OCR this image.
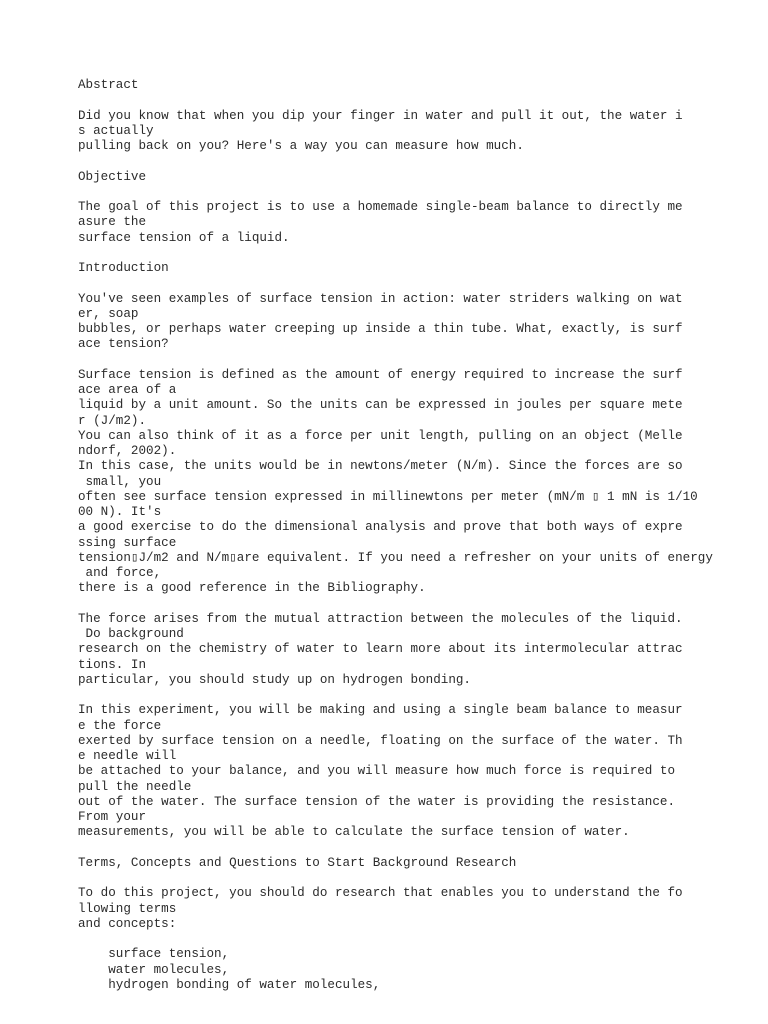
Abstract
Did you know that when you dip your finger in water and pull it out, the water i
s actually
pulling back on you? Here's a way you can measure how much.
Objective
The goal of this project is to use a homemade single-beam balance to directly me
asure the
surface tension of a liquid.
Introduction
You've seen examples of surface tension in action: water striders walking on wat
er, soap
bubbles, or perhaps water creeping up inside a thin tube. What, exactly, is surf
ace tension?
Surface tension is defined as the amount of energy required to increase the surf
ace area of a
liquid by a unit amount. So the units can be expressed in joules per square mete
r (J/m2).
You can also think of it as a force per unit length, pulling on an object (Melle
ndorf, 2002).
In this case, the units would be in newtons/meter (N/m). Since the forces are so
small, you
often see surface tension expressed in millinewtons per meter (mN/m ▯ 1 mN is 1/10
00 N). It's
a good exercise to do the dimensional analysis and prove that both ways of expre
ssing surface
tension▯J/m2 and N/m▯are equivalent. If you need a refresher on your units of energy
and force,
there is a good reference in the Bibliography.
The force arises from the mutual attraction between the molecules of the liquid.
Do background
research on the chemistry of water to learn more about its intermolecular attrac
tions. In
particular, you should study up on hydrogen bonding.
In this experiment, you will be making and using a single beam balance to measur
e the force
exerted by surface tension on a needle, floating on the surface of the water. Th
e needle will
be attached to your balance, and you will measure how much force is required to
pull the needle
out of the water. The surface tension of the water is providing the resistance.
From your
measurements, you will be able to calculate the surface tension of water.
Terms, Concepts and Questions to Start Background Research
To do this project, you should do research that enables you to understand the fo
llowing terms
and concepts:
surface tension,
water molecules,
hydrogen bonding of water molecules,
